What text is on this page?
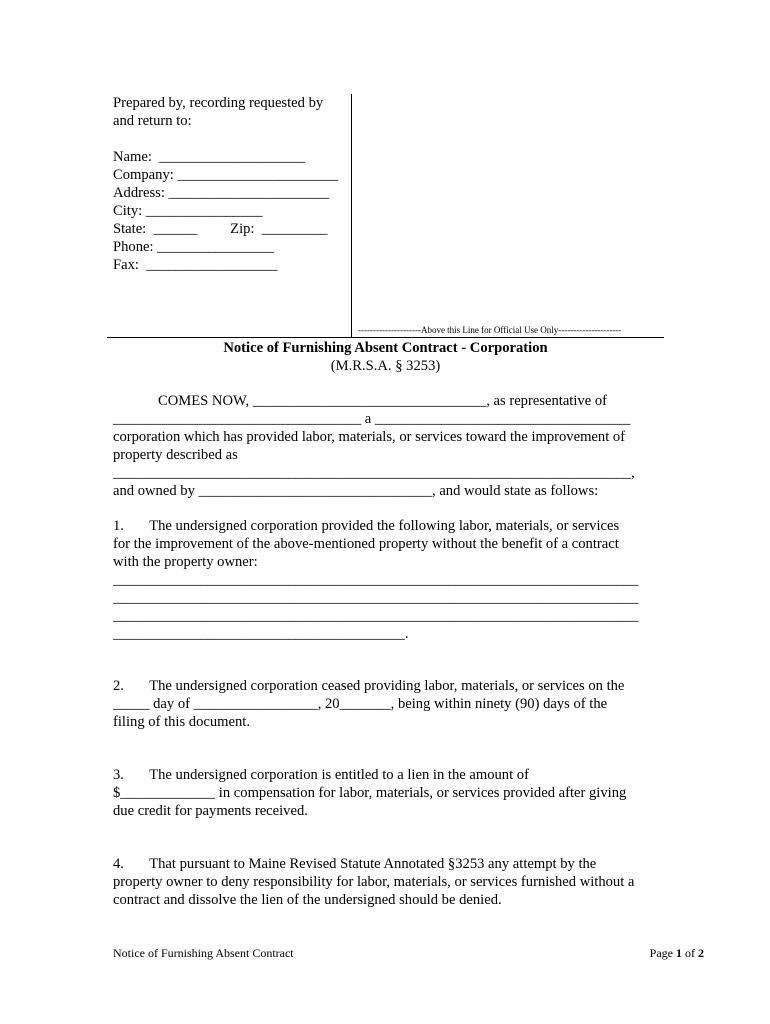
Prepared by, recording requested by
and return to:
Name:  ____________________
Company: ______________________
Address: ______________________
City: ________________
State:  ______         Zip:  _________
Phone: ________________
Fax:  __________________
---------------------Above this Line for Official Use Only---------------------
Notice of Furnishing Absent Contract - Corporation
(M.R.S.A. § 3253)
COMES NOW, ________________________________, as representative of
__________________________________ a ___________________________________
corporation which has provided labor, materials, or services toward the improvement of
property described as
_______________________________________________________________________,
and owned by ________________________________, and would state as follows:
1.       The undersigned corporation provided the following labor, materials, or services
for the improvement of the above-mentioned property without the benefit of a contract
with the property owner:
________________________________________________________________________
________________________________________________________________________
________________________________________________________________________
________________________________________.
2.       The undersigned corporation ceased providing labor, materials, or services on the
_____ day of _________________, 20_______, being within ninety (90) days of the
filing of this document.
3.       The undersigned corporation is entitled to a lien in the amount of
$_____________ in compensation for labor, materials, or services provided after giving
due credit for payments received.
4.       That pursuant to Maine Revised Statute Annotated §3253 any attempt by the
property owner to deny responsibility for labor, materials, or services furnished without a
contract and dissolve the lien of the undersigned should be denied.
Notice of Furnishing Absent Contract	Page 1 of 2
